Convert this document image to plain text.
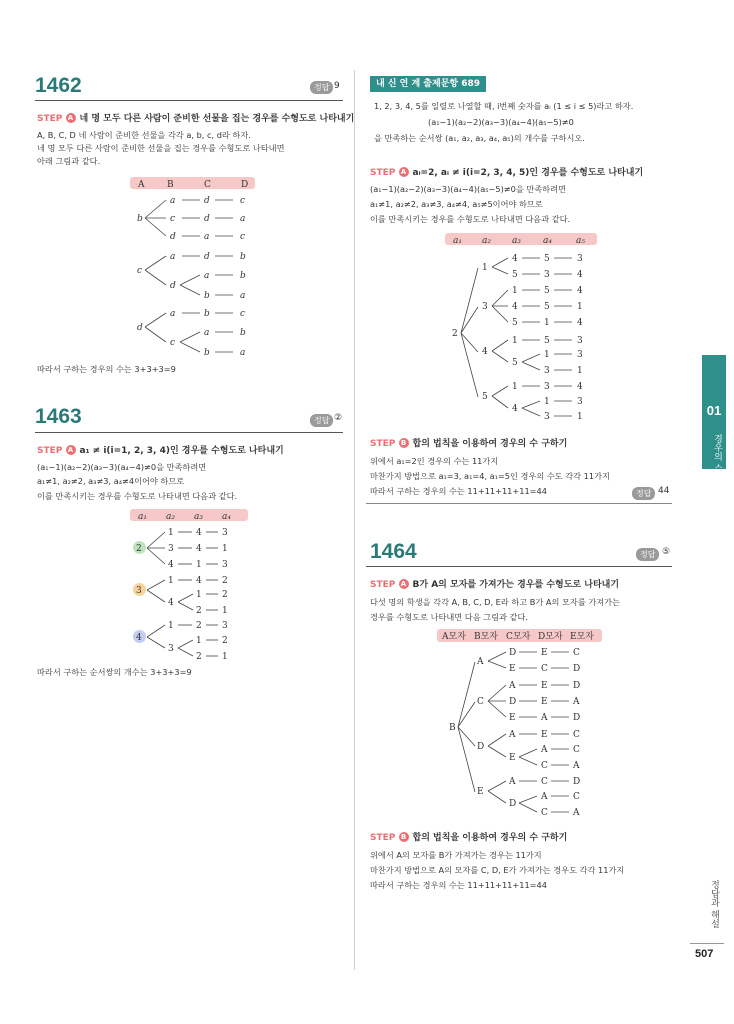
1462	정답 9
STEP A 네 명 모두 다른 사람이 준비한 선물을 집는 경우를 수형도로 나타내기
A, B, C, D 네 사람이 준비한 선물을 각각 a, b, c, d라 하자.
네 명 모두 다른 사람이 준비한 선물을 집는 경우를 수형도로 나타내면
아래 그림과 같다.
A	B	C	D
b
a	d	c
c	d	a
d	a	c
c
a	d	b
d
a	b
b	a
d
a	b	c
c
a	b
b	a
따라서 구하는 경우의 수는 3+3+3=9
1463	정답 ②
STEP A a₁ ≠ i(i=1, 2, 3, 4)인 경우를 수형도로 나타내기
(a₁−1)(a₂−2)(a₃−3)(a₄−4)≠0을 만족하려면
a₁≠1, a₂≠2, a₃≠3, a₄≠4이어야 하므로
이를 만족시키는 경우를 수형도로 나타내면 다음과 같다.
a₁ a₂ a₃ a₄
2
1 4 3
3 4 1
4 1 3
3
1 4 2
4
1 2
2 1
4
1 2 3
3
1 2
2 1
따라서 구하는 순서쌍의 개수는 3+3+3=9
내 신 연 계 출제문항 689
1, 2, 3, 4, 5를 일렬로 나열할 때, i번째 숫자를 aᵢ (1 ≤ i ≤ 5)라고 하자.
(a₁−1)(a₂−2)(a₃−3)(a₄−4)(a₅−5)≠0
을 만족하는 순서쌍 (a₁, a₂, a₃, a₄, a₅)의 개수를 구하시오.
STEP A aᵢ=2, aᵢ ≠ i(i=2, 3, 4, 5)인 경우를 수형도로 나타내기
(a₁−1)(a₂−2)(a₃−3)(a₄−4)(a₅−5)≠0을 만족하려면
a₁≠1, a₂≠2, a₃≠3, a₄≠4, a₅≠5이어야 하므로
이를 만족시키는 경우를 수형도로 나타내면 다음과 같다.
a₁ a₂ a₃ a₄	a₅
2
1
4	5	3
5	3	4
3
1	5	4
4	5	1
5	1	4
4
1	5	3
5
1	3
3	1
5
1	3	4
4
1	3
3	1
STEP B 합의 법칙을 이용하여 경우의 수 구하기
위에서 a₁=2인 경우의 수는 11가지
마찬가지 방법으로 a₁=3, a₁=4, a₁=5인 경우의 수도 각각 11가지
따라서 구하는 경우의 수는 11+11+11+11=44	정답 44
1464	정답 ⑤
STEP A B가 A의 모자를 가져가는 경우를 수형도로 나타내기
다섯 명의 학생을 각각 A, B, C, D, E라 하고 B가 A의 모자를 가져가는
경우를 수형도로 나타내면 다음 그림과 같다.
A모자 B모자 C모자 D모자 E모자
B
A
D	E	C
E	C	D
C
A	E	D
D	E	A
E	A	D
D
A	E	C
E
A	C
C	A
E
A	C	D
D
A	C
C	A
STEP B 합의 법칙을 이용하여 경우의 수 구하기
위에서 A의 모자를 B가 가져가는 경우는 11가지
마찬가지 방법으로 A의 모자를 C, D, E가 가져가는 경우도 각각 11가지
따라서 구하는 경우의 수는 11+11+11+11=44
01
경우의 수
정답과 해설
507
